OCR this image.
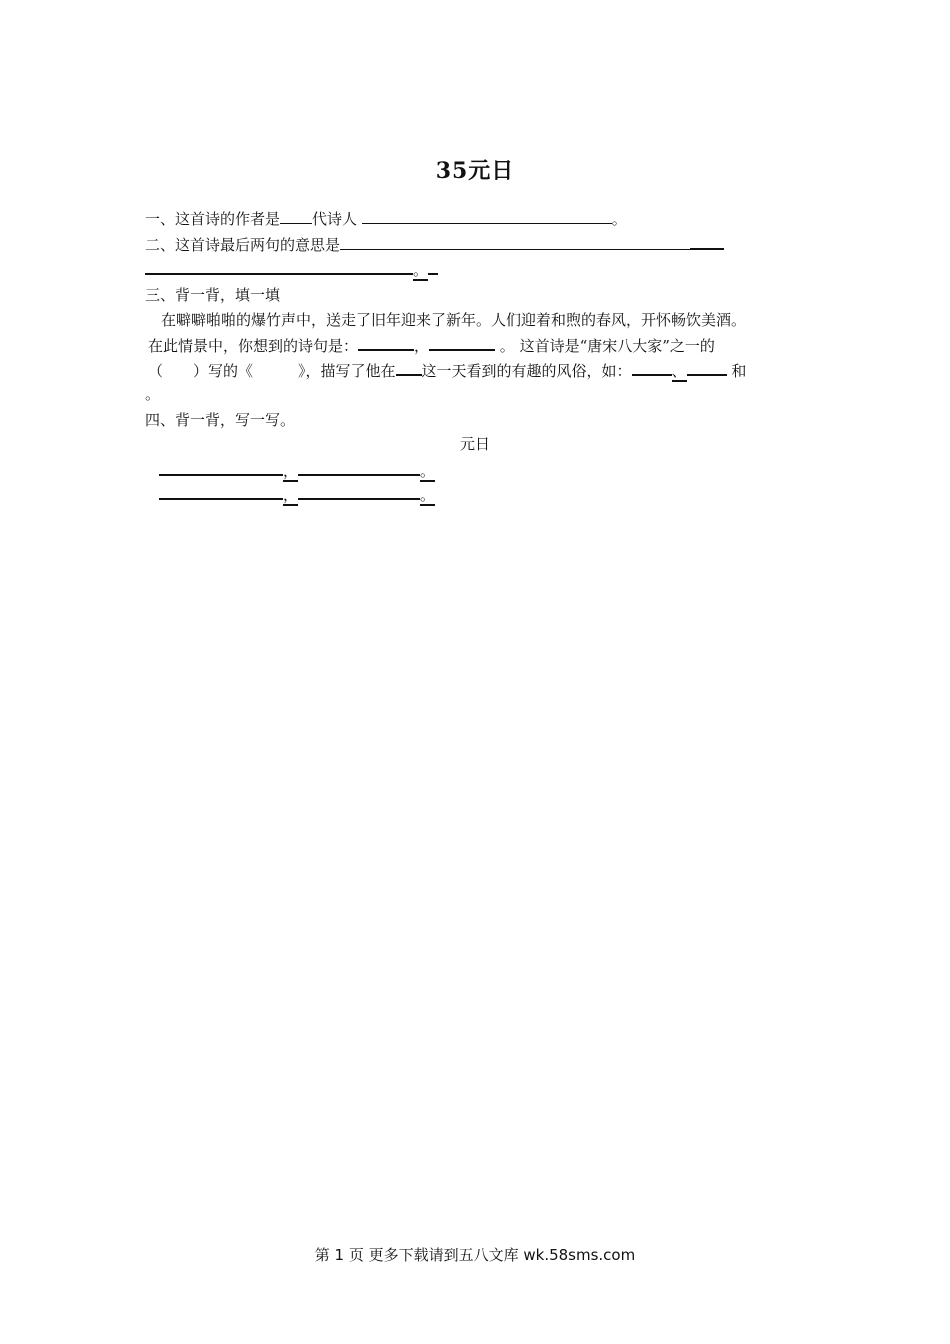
35元日
一、这首诗的作者是 代诗人	。
二、这首诗最后两句的意思是
。
三、背一背，填一填
在噼噼啪啪的爆竹声中，送走了旧年迎来了新年。人们迎着和煦的春风，开怀畅饮美酒。
在此情景中，你想到的诗句是：	，	。 这首诗是“唐宋八大家”之一的
（　　）写的《　　　》，描写了他在 这一天看到的有趣的风俗，如：	、	和
。
四、背一背，写一写。
元日
，	。
，	。
第 1 页 更多下载请到五八文库 wk.58sms.com
